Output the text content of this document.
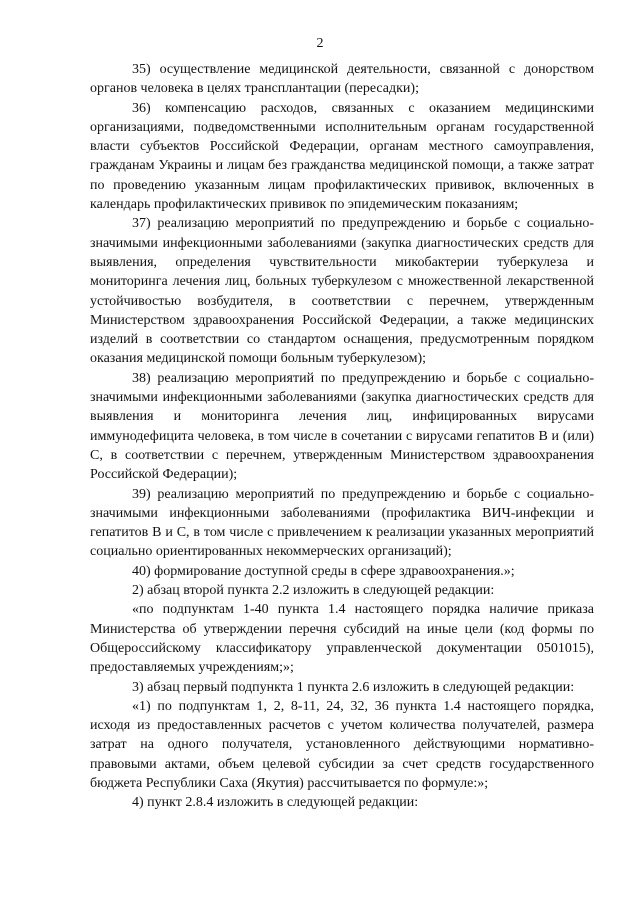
2

35) осуществление медицинской деятельности, связанной с донорством органов человека в целях трансплантации (пересадки);

36) компенсацию расходов, связанных с оказанием медицинскими организациями, подведомственными исполнительным органам государственной власти субъектов Российской Федерации, органам местного самоуправления, гражданам Украины и лицам без гражданства медицинской помощи, а также затрат по проведению указанным лицам профилактических прививок, включенных в календарь профилактических прививок по эпидемическим показаниям;

37) реализацию мероприятий по предупреждению и борьбе с социально-значимыми инфекционными заболеваниями (закупка диагностических средств для выявления, определения чувствительности микобактерии туберкулеза и мониторинга лечения лиц, больных туберкулезом с множественной лекарственной устойчивостью возбудителя, в соответствии с перечнем, утвержденным Министерством здравоохранения Российской Федерации, а также медицинских изделий в соответствии со стандартом оснащения, предусмотренным порядком оказания медицинской помощи больным туберкулезом);

38) реализацию мероприятий по предупреждению и борьбе с социально-значимыми инфекционными заболеваниями (закупка диагностических средств для выявления и мониторинга лечения лиц, инфицированных вирусами иммунодефицита человека, в том числе в сочетании с вирусами гепатитов B и (или) C, в соответствии с перечнем, утвержденным Министерством здравоохранения Российской Федерации);

39) реализацию мероприятий по предупреждению и борьбе с социально-значимыми инфекционными заболеваниями (профилактика ВИЧ-инфекции и гепатитов B и C, в том числе с привлечением к реализации указанных мероприятий социально ориентированных некоммерческих организаций);

40) формирование доступной среды в сфере здравоохранения.»;

2) абзац второй пункта 2.2 изложить в следующей редакции:

«по подпунктам 1-40 пункта 1.4 настоящего порядка наличие приказа Министерства об утверждении перечня субсидий на иные цели (код формы по Общероссийскому классификатору управленческой документации 0501015), предоставляемых учреждениям;»;

3) абзац первый подпункта 1 пункта 2.6 изложить в следующей редакции:

«1) по подпунктам 1, 2, 8-11, 24, 32, 36 пункта 1.4 настоящего порядка, исходя из предоставленных расчетов с учетом количества получателей, размера затрат на одного получателя, установленного действующими нормативно-правовыми актами, объем целевой субсидии за счет средств государственного бюджета Республики Саха (Якутия) рассчитывается по формуле:»;

4) пункт 2.8.4 изложить в следующей редакции:
